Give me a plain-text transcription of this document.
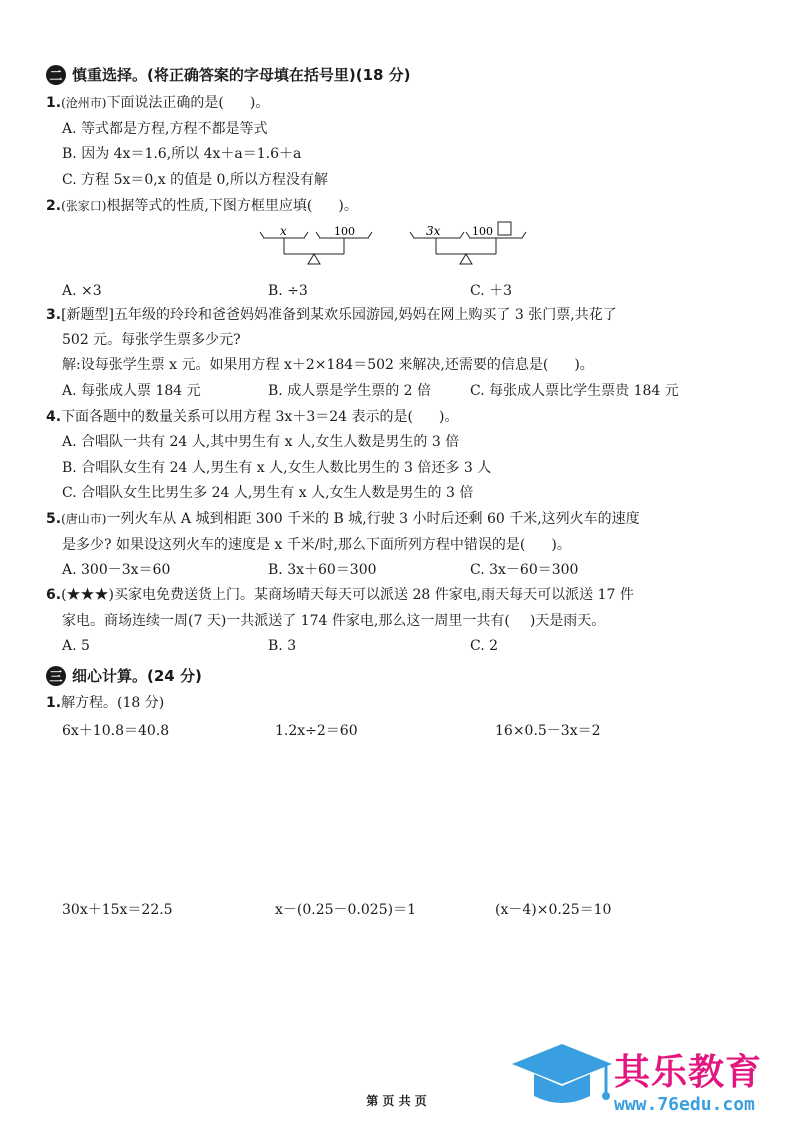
二 慎重选择。(将正确答案的字母填在括号里)(18 分)
1.(沧州市)下面说法正确的是( )。
A. 等式都是方程,方程不都是等式
B. 因为 4x＝1.6,所以 4x＋a＝1.6＋a
C. 方程 5x＝0,x 的值是 0,所以方程没有解
2.(张家口)根据等式的性质,下图方框里应填( )。
x	100	3x	100
A. ×3	B. ÷3	C. ＋3
3.[新题型]五年级的玲玲和爸爸妈妈准备到某欢乐园游园,妈妈在网上购买了 3 张门票,共花了
502 元。每张学生票多少元?
解:设每张学生票 x 元。如果用方程 x＋2×184＝502 来解决,还需要的信息是( )。
A. 每张成人票 184 元	B. 成人票是学生票的 2 倍	C. 每张成人票比学生票贵 184 元
4.下面各题中的数量关系可以用方程 3x＋3＝24 表示的是( )。
A. 合唱队一共有 24 人,其中男生有 x 人,女生人数是男生的 3 倍
B. 合唱队女生有 24 人,男生有 x 人,女生人数比男生的 3 倍还多 3 人
C. 合唱队女生比男生多 24 人,男生有 x 人,女生人数是男生的 3 倍
5.(唐山市)一列火车从 A 城到相距 300 千米的 B 城,行驶 3 小时后还剩 60 千米,这列火车的速度
是多少? 如果设这列火车的速度是 x 千米/时,那么下面所列方程中错误的是( )。
A. 300－3x＝60	B. 3x＋60＝300	C. 3x－60＝300
6.(★★★)买家电免费送货上门。某商场晴天每天可以派送 28 件家电,雨天每天可以派送 17 件
家电。商场连续一周(7 天)一共派送了 174 件家电,那么这一周里一共有( )天是雨天。
A. 5	B. 3	C. 2
三 细心计算。(24 分)
1.解方程。(18 分)
6x＋10.8＝40.8	1.2x÷2＝60	16×0.5－3x＝2
30x＋15x＝22.5	x－(0.25－0.025)＝1	(x－4)×0.25＝10
其乐教育
www.76edu.com
第 页 共 页
